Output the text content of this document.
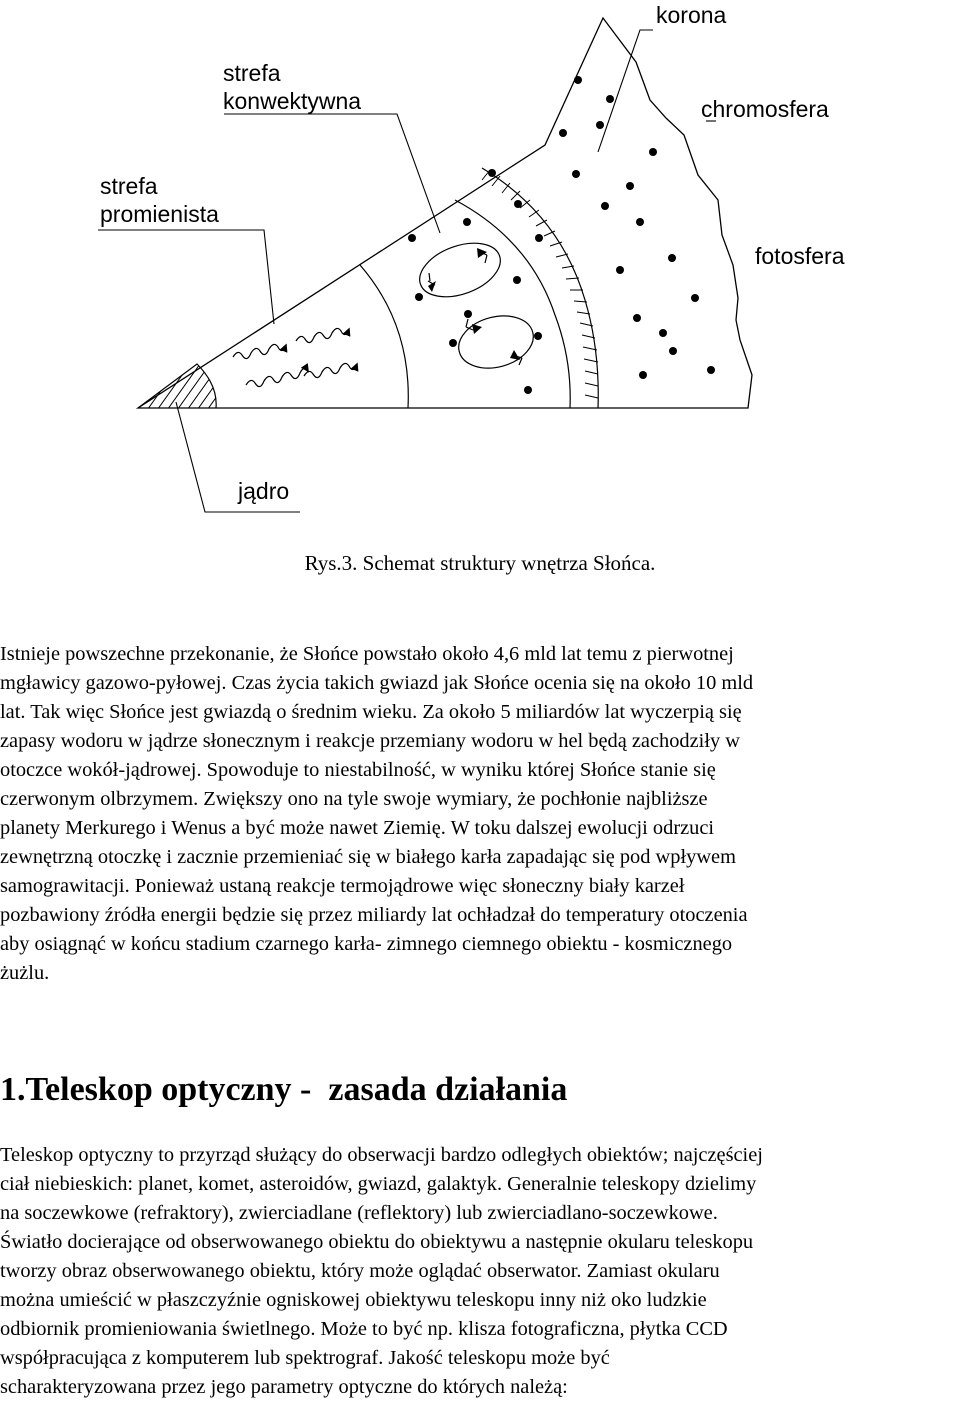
korona
strefa
konwektywna	chromosfera
strefa
promienista
fotosfera
jądro
Rys.3. Schemat struktury wnętrza Słońca.
Istnieje powszechne przekonanie, że Słońce powstało około 4,6 mld lat temu z pierwotnej
mgławicy gazowo-pyłowej. Czas życia takich gwiazd jak Słońce ocenia się na około 10 mld
lat. Tak więc Słońce jest gwiazdą o średnim wieku. Za około 5 miliardów lat wyczerpią się
zapasy wodoru w jądrze słonecznym i reakcje przemiany wodoru w hel będą zachodziły w
otoczce wokół-jądrowej. Spowoduje to niestabilność, w wyniku której Słońce stanie się
czerwonym olbrzymem. Zwiększy ono na tyle swoje wymiary, że pochłonie najbliższe
planety Merkurego i Wenus a być może nawet Ziemię. W toku dalszej ewolucji odrzuci
zewnętrzną otoczkę i zacznie przemieniać się w białego karła zapadając się pod wpływem
samograwitacji. Ponieważ ustaną reakcje termojądrowe więc słoneczny biały karzeł
pozbawiony źródła energii będzie się przez miliardy lat ochładzał do temperatury otoczenia
aby osiągnąć w końcu stadium czarnego karła- zimnego ciemnego obiektu - kosmicznego
żużlu.
1.Teleskop optyczny -  zasada działania
Teleskop optyczny to przyrząd służący do obserwacji bardzo odległych obiektów; najczęściej
ciał niebieskich: planet, komet, asteroidów, gwiazd, galaktyk. Generalnie teleskopy dzielimy
na soczewkowe (refraktory), zwierciadlane (reflektory) lub zwierciadlano-soczewkowe.
Światło docierające od obserwowanego obiektu do obiektywu a następnie okularu teleskopu
tworzy obraz obserwowanego obiektu, który może oglądać obserwator. Zamiast okularu
można umieścić w płaszczyźnie ogniskowej obiektywu teleskopu inny niż oko ludzkie
odbiornik promieniowania świetlnego. Może to być np. klisza fotograficzna, płytka CCD
współpracująca z komputerem lub spektrograf. Jakość teleskopu może być
scharakteryzowana przez jego parametry optyczne do których należą:
